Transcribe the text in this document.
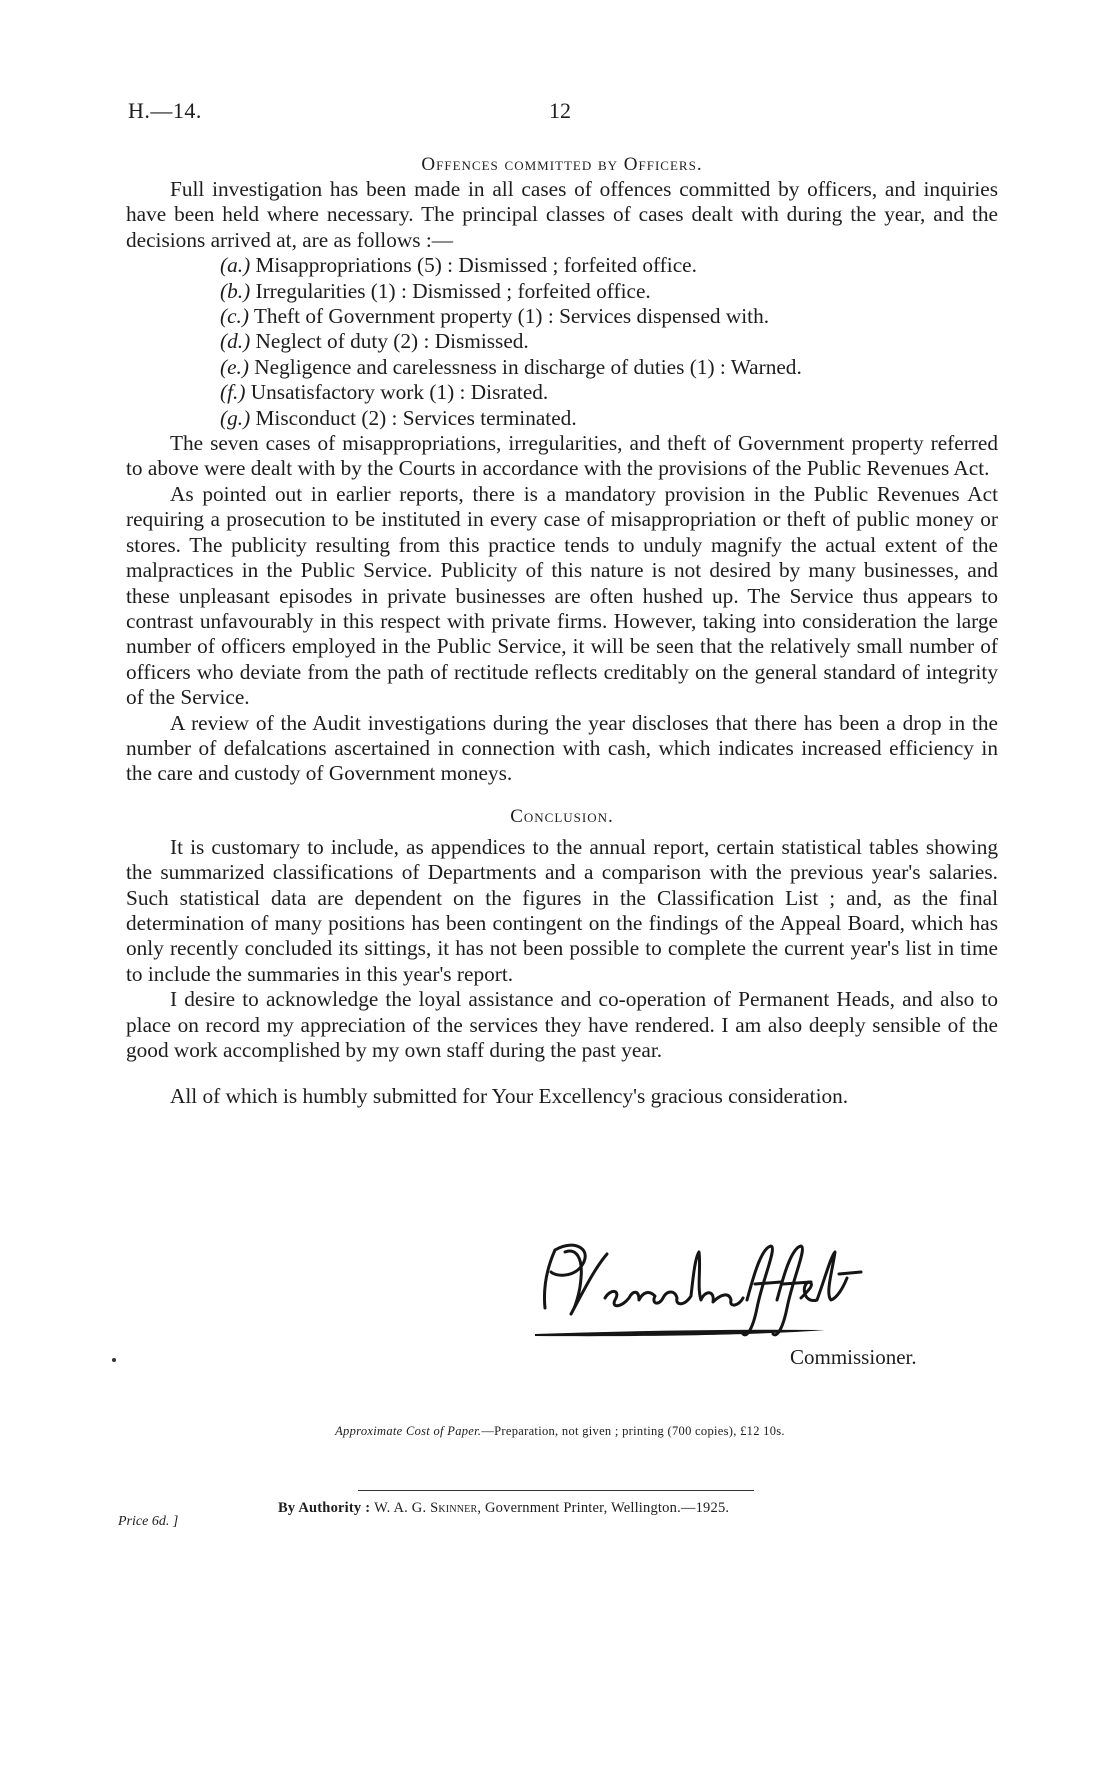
H.—14.	12
Offences committed by Officers.

Full investigation has been made in all cases of offences committed by officers, and inquiries have been held where necessary. The principal classes of cases dealt with during the year, and the decisions arrived at, are as follows :—

(a.) Misappropriations (5) : Dismissed ; forfeited office.
(b.) Irregularities (1) : Dismissed ; forfeited office.
(c.) Theft of Government property (1) : Services dispensed with.
(d.) Neglect of duty (2) : Dismissed.
(e.) Negligence and carelessness in discharge of duties (1) : Warned.
(f.) Unsatisfactory work (1) : Disrated.
(g.) Misconduct (2) : Services terminated.

The seven cases of misappropriations, irregularities, and theft of Government property referred to above were dealt with by the Courts in accordance with the provisions of the Public Revenues Act.

As pointed out in earlier reports, there is a mandatory provision in the Public Revenues Act requiring a prosecution to be instituted in every case of misappropriation or theft of public money or stores. The publicity resulting from this practice tends to unduly magnify the actual extent of the malpractices in the Public Service. Publicity of this nature is not desired by many businesses, and these unpleasant episodes in private businesses are often hushed up. The Service thus appears to contrast unfavourably in this respect with private firms. However, taking into consideration the large number of officers employed in the Public Service, it will be seen that the relatively small number of officers who deviate from the path of rectitude reflects creditably on the general standard of integrity of the Service.

A review of the Audit investigations during the year discloses that there has been a drop in the number of defalcations ascertained in connection with cash, which indicates increased efficiency in the care and custody of Government moneys.

Conclusion.

It is customary to include, as appendices to the annual report, certain statistical tables showing the summarized classifications of Departments and a comparison with the previous year's salaries. Such statistical data are dependent on the figures in the Classification List ; and, as the final determination of many positions has been contingent on the findings of the Appeal Board, which has only recently concluded its sittings, it has not been possible to complete the current year's list in time to include the summaries in this year's report.

I desire to acknowledge the loyal assistance and co-operation of Permanent Heads, and also to place on record my appreciation of the services they have rendered. I am also deeply sensible of the good work accomplished by my own staff during the past year.

All of which is humbly submitted for Your Excellency's gracious consideration.

Commissioner.
Approximate Cost of Paper.—Preparation, not given ; printing (700 copies), £12 10s.
Price 6d. ]
By Authority : W. A. G. Skinner, Government Printer, Wellington.—1925.
